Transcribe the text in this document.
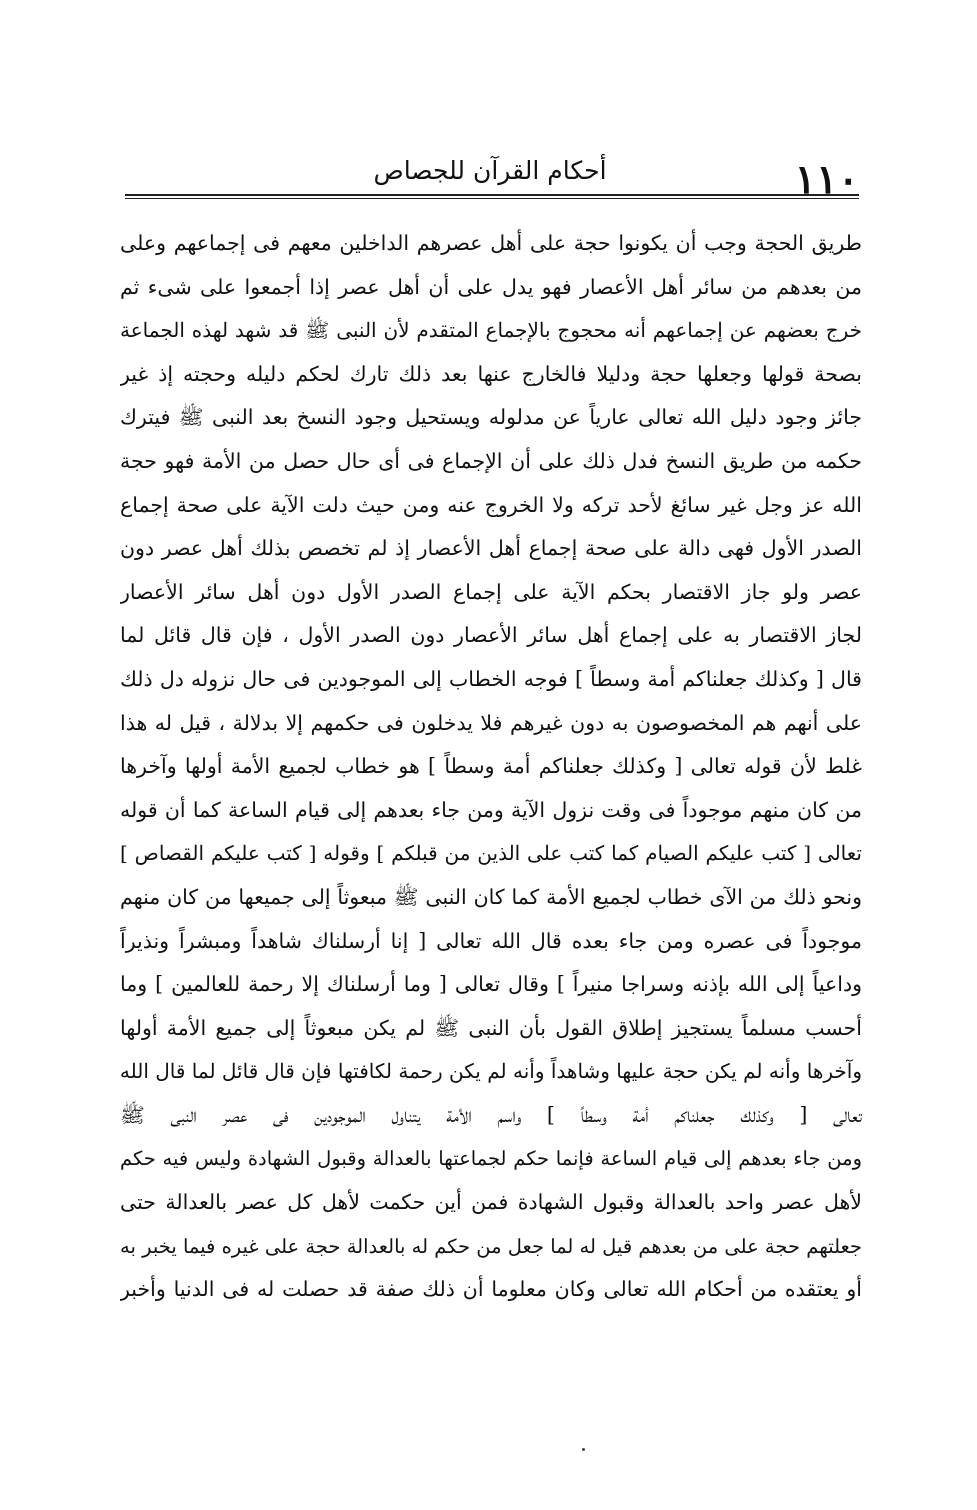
١١٠
أحكام القرآن للجصاص
طريق الحجة وجب أن يكونوا حجة على أهل عصرهم الداخلين معهم فى إجماعهم وعلى
من بعدهم من سائر أهل الأعصار فهو يدل على أن أهل عصر إذا أجمعوا على شىء ثم
خرج بعضهم عن إجماعهم أنه محجوج بالإجماع المتقدم لأن النبى ﷺ قد شهد لهذه الجماعة
بصحة قولها وجعلها حجة ودليلا فالخارج عنها بعد ذلك تارك لحكم دليله وحجته إذ غير
جائز وجود دليل الله تعالى عارياً عن مدلوله ويستحيل وجود النسخ بعد النبى ﷺ فيترك
حكمه من طريق النسخ فدل ذلك على أن الإجماع فى أى حال حصل من الأمة فهو حجة
الله عز وجل غير سائغ لأحد تركه ولا الخروج عنه ومن حيث دلت الآية على صحة إجماع
الصدر الأول فهى دالة على صحة إجماع أهل الأعصار إذ لم تخصص بذلك أهل عصر دون
عصر ولو جاز الاقتصار بحكم الآية على إجماع الصدر الأول دون أهل سائر الأعصار
لجاز الاقتصار به على إجماع أهل سائر الأعصار دون الصدر الأول ، فإن قال قائل لما
قال [ وكذلك جعلناكم أمة وسطاً ] فوجه الخطاب إلى الموجودين فى حال نزوله دل ذلك
على أنهم هم المخصوصون به دون غيرهم فلا يدخلون فى حكمهم إلا بدلالة ، قيل له هذا
غلط لأن قوله تعالى [ وكذلك جعلناكم أمة وسطاً ] هو خطاب لجميع الأمة أولها وآخرها
من كان منهم موجوداً فى وقت نزول الآية ومن جاء بعدهم إلى قيام الساعة كما أن قوله
تعالى [ كتب عليكم الصيام كما كتب على الذين من قبلكم ] وقوله [ كتب عليكم القصاص ]
ونحو ذلك من الآى خطاب لجميع الأمة كما كان النبى ﷺ مبعوثاً إلى جميعها من كان منهم
موجوداً فى عصره ومن جاء بعده قال الله تعالى [ إنا أرسلناك شاهداً ومبشراً ونذيراً
وداعياً إلى الله بإذنه وسراجا منيراً ] وقال تعالى [ وما أرسلناك إلا رحمة للعالمين ] وما
أحسب مسلماً يستجيز إطلاق القول بأن النبى ﷺ لم يكن مبعوثاً إلى جميع الأمة أولها
وآخرها وأنه لم يكن حجة عليها وشاهداً وأنه لم يكن رحمة لكافتها فإن قال قائل لما قال الله
تعالى [ وكذلك جعلناكم أمة وسطاً ] واسم الأمة يتناول الموجودين فى عصر النبى ﷺ
ومن جاء بعدهم إلى قيام الساعة فإنما حكم لجماعتها بالعدالة وقبول الشهادة وليس فيه حكم
لأهل عصر واحد بالعدالة وقبول الشهادة فمن أين حكمت لأهل كل عصر بالعدالة حتى
جعلتهم حجة على من بعدهم قيل له لما جعل من حكم له بالعدالة حجة على غيره فيما يخبر به
أو يعتقده من أحكام الله تعالى وكان معلوما أن ذلك صفة قد حصلت له فى الدنيا وأخبر
